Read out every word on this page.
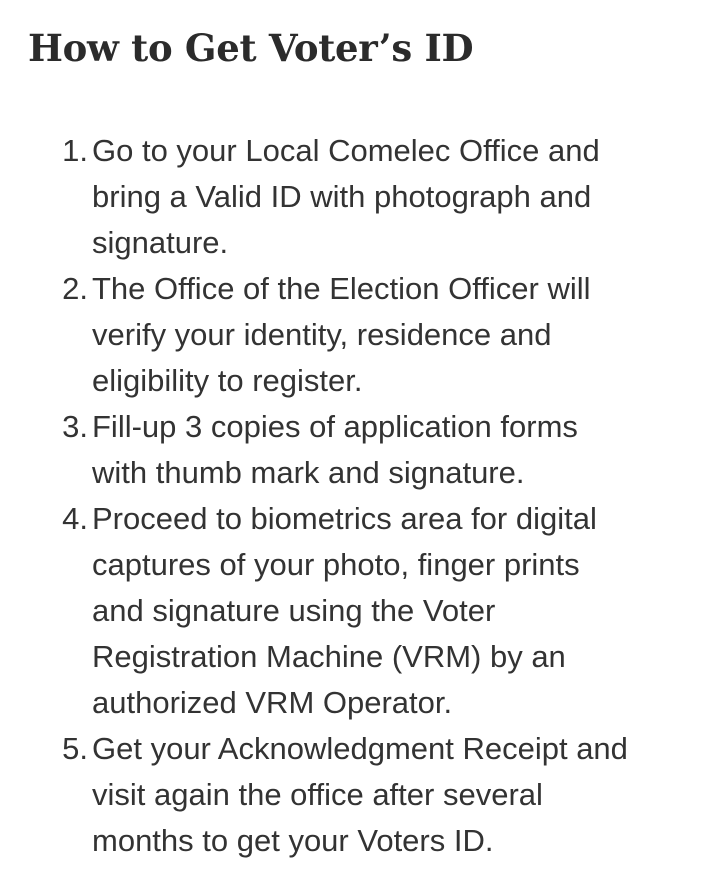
How to Get Voter’s ID
1. Go to your Local Comelec Office and
bring a Valid ID with photograph and
signature.
2. The Office of the Election Officer will
verify your identity, residence and
eligibility to register.
3. Fill-up 3 copies of application forms
with thumb mark and signature.
4. Proceed to biometrics area for digital
captures of your photo, finger prints
and signature using the Voter
Registration Machine (VRM) by an
authorized VRM Operator.
5. Get your Acknowledgment Receipt and
visit again the office after several
months to get your Voters ID.
